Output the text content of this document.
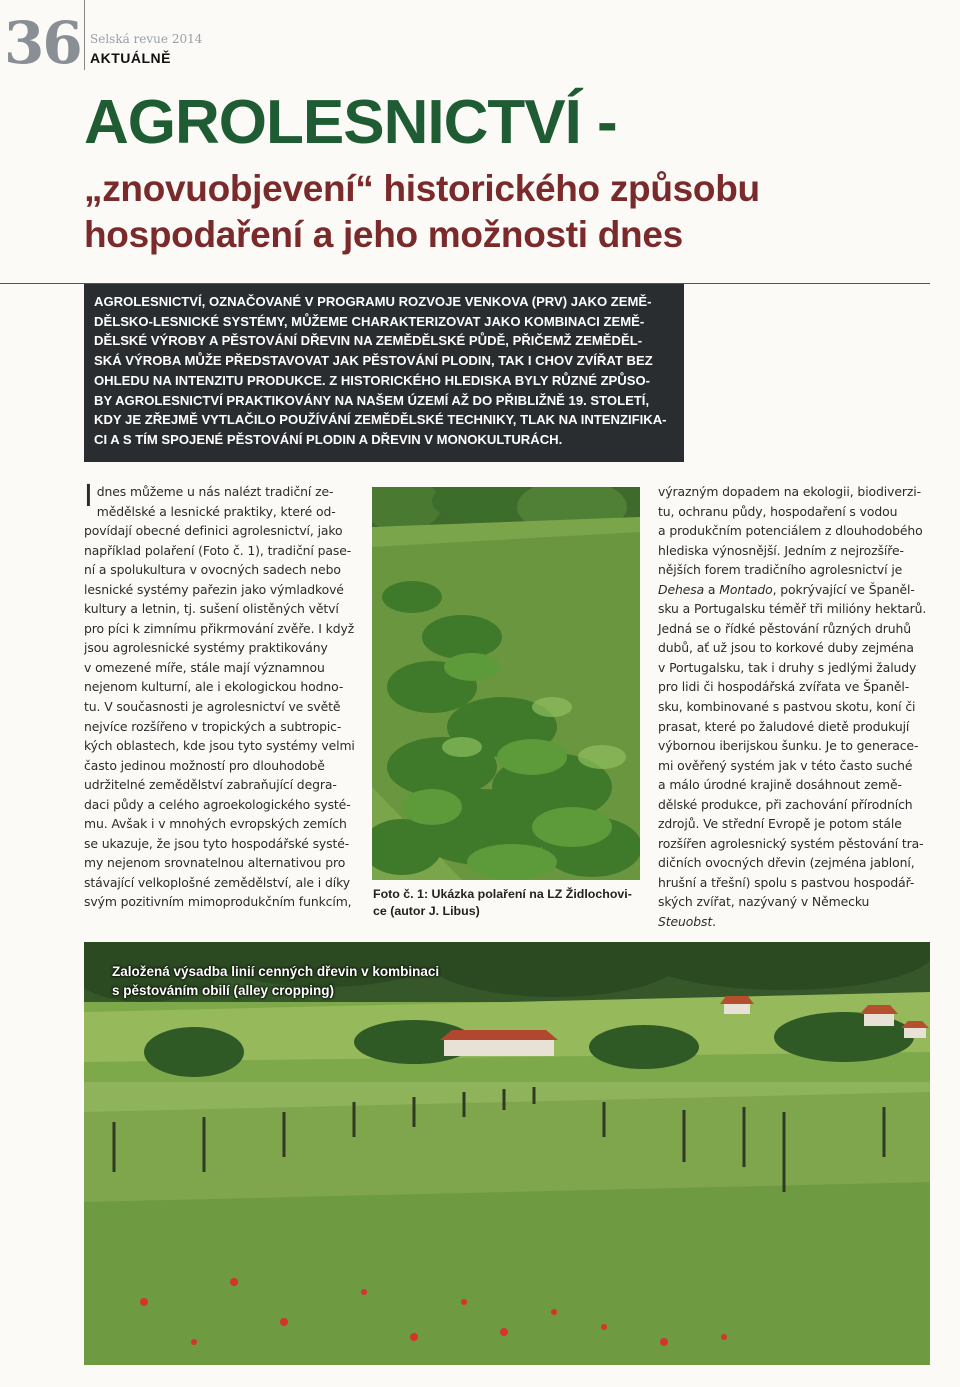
36 Selská revue 2014
AKTUÁLNĚ
AGROLESNICTVÍ -
„znovuobjevení“ historického způsobu hospodaření a jeho možnosti dnes

AGROLESNICTVÍ, OZNAČOVANÉ V PROGRAMU ROZVOJE VENKOVA (PRV) JAKO ZEMĚ-

DĚLSKO-LESNICKÉ SYSTÉMY, MŮŽEME CHARAKTERIZOVAT JAKO KOMBINACI ZEMĚ-

DĚLSKÉ VÝROBY A PĚSTOVÁNÍ DŘEVIN NA ZEMĚDĚLSKÉ PŮDĚ, PŘIČEMŽ ZEMĚDĚL-

SKÁ VÝROBA MŮŽE PŘEDSTAVOVAT JAK PĚSTOVÁNÍ PLODIN, TAK I CHOV ZVÍŘAT BEZ

OHLEDU NA INTENZITU PRODUKCE. Z HISTORICKÉHO HLEDISKA BYLY RŮZNÉ ZPŮSO-

BY AGROLESNICTVÍ PRAKTIKOVÁNY NA NAŠEM ÚZEMÍ AŽ DO PŘIBLIŽNĚ 19. STOLETÍ,

KDY JE ZŘEJMĚ VYTLAČILO POUŽÍVÁNÍ ZEMĚDĚLSKÉ TECHNIKY, TLAK NA INTENZIFIKA-

CI A S TÍM SPOJENÉ PĚSTOVÁNÍ PLODIN A DŘEVIN V MONOKULTURÁCH.

Idnes můžeme u nás nalézt tradiční ze-

mědělské a lesnické praktiky, které od-

povídají obecné definici agrolesnictví, jako

například polaření (Foto č. 1), tradiční pase-

ní a spolukultura v ovocných sadech nebo

lesnické systémy pařezin jako výmladkové

kultury a letnin, tj. sušení olistěných větví

pro píci k zimnímu přikrmování zvěře. I když

jsou agrolesnické systémy praktikovány

v omezené míře, stále mají významnou

nejenom kulturní, ale i ekologickou hodno-

tu. V současnosti je agrolesnictví ve světě

nejvíce rozšířeno v tropických a subtropic-

kých oblastech, kde jsou tyto systémy velmi

často jedinou možností pro dlouhodobě

udržitelné zemědělství zabraňující degra-

daci půdy a celého agroekologického systé-

mu. Avšak i v mnohých evropských zemích

se ukazuje, že jsou tyto hospodářské systé-

my nejenom srovnatelnou alternativou pro

stávající velkoplošné zemědělství, ale i díky

svým pozitivním mimoprodukčním funkcím,

Foto č. 1: Ukázka polaření na LZ Židlochovi-
ce (autor J. Libus)

výrazným dopadem na ekologii, biodiverzi-

tu, ochranu půdy, hospodaření s vodou

a produkčním potenciálem z dlouhodobého

hlediska výnosnější. Jedním z nejrozšíře-

nějších forem tradičního agrolesnictví je

Dehesa a Montado, pokrývající ve Španěl-

sku a Portugalsku téměř tři milióny hektarů.

Jedná se o řídké pěstování různých druhů

dubů, ať už jsou to korkové duby zejména

v Portugalsku, tak i druhy s jedlými žaludy

pro lidi či hospodářská zvířata ve Španěl-

sku, kombinované s pastvou skotu, koní či

prasat, které po žaludové dietě produkují

výbornou iberijskou šunku. Je to generace-

mi ověřený systém jak v této často suché

a málo úrodné krajině dosáhnout země-

dělské produkce, při zachování přírodních

zdrojů. Ve střední Evropě je potom stále

rozšířen agrolesnický systém pěstování tra-

dičních ovocných dřevin (zejména jabloní,

hrušní a třešní) spolu s pastvou hospodář-

ských zvířat, nazývaný v Německu Steuobst.

Založená výsadba linií cenných dřevin v kombinaci
s pěstováním obilí (alley cropping)
